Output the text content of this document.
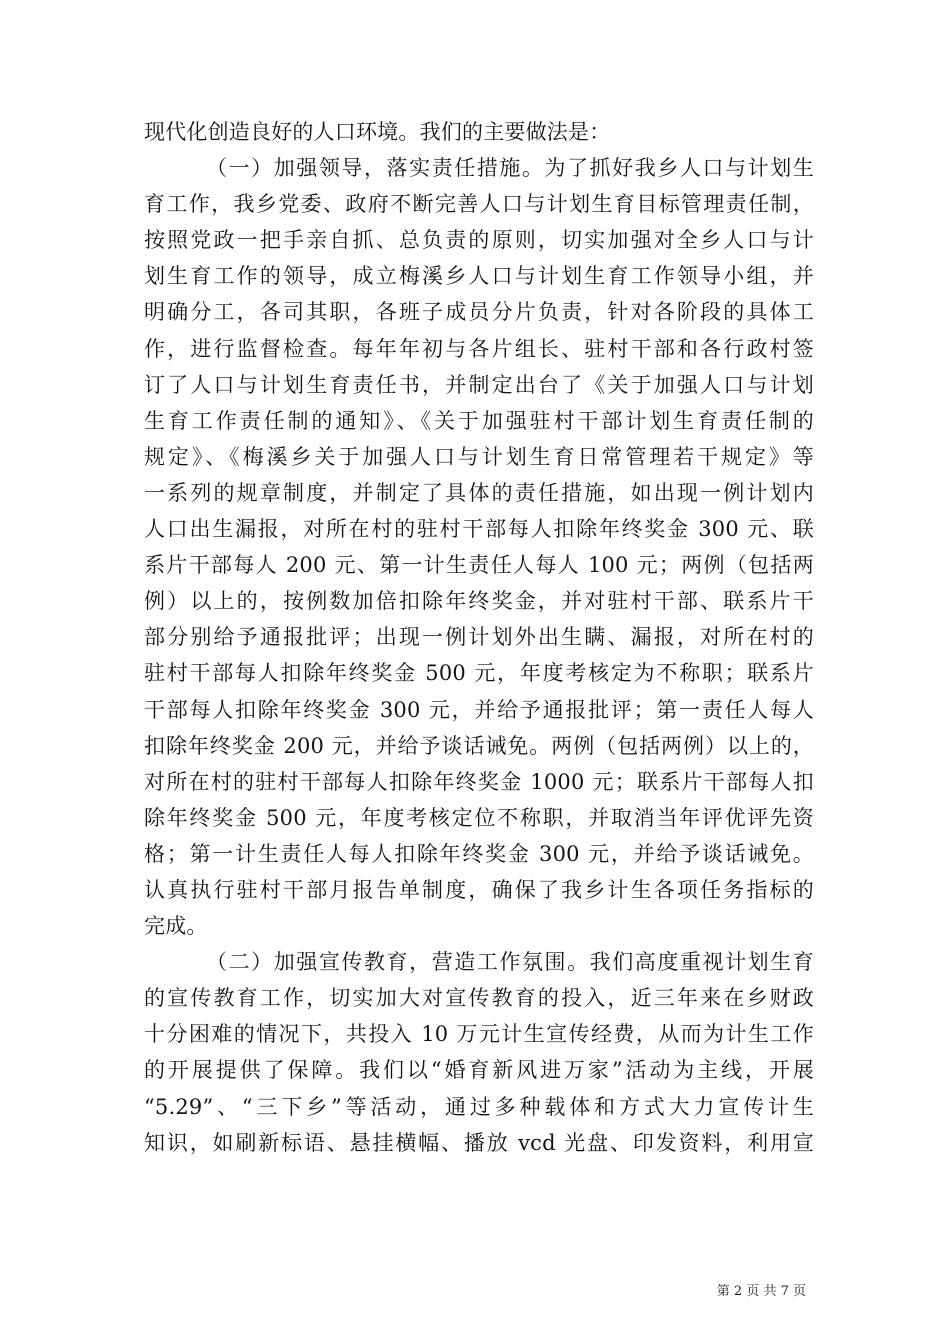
现代化创造良好的人口环境。我们的主要做法是：
（一）加强领导，落实责任措施。为了抓好我乡人口与计划生
育工作，我乡党委、政府不断完善人口与计划生育目标管理责任制，
按照党政一把手亲自抓、总负责的原则，切实加强对全乡人口与计
划生育工作的领导，成立梅溪乡人口与计划生育工作领导小组，并
明确分工，各司其职，各班子成员分片负责，针对各阶段的具体工
作，进行监督检查。每年年初与各片组长、驻村干部和各行政村签
订了人口与计划生育责任书，并制定出台了《关于加强人口与计划
生育工作责任制的通知》、《关于加强驻村干部计划生育责任制的
规定》、《梅溪乡关于加强人口与计划生育日常管理若干规定》等
一系列的规章制度，并制定了具体的责任措施，如出现一例计划内
人口出生漏报，对所在村的驻村干部每人扣除年终奖金 300 元、联
系片干部每人 200 元、第一计生责任人每人 100 元；两例（包括两
例）以上的，按例数加倍扣除年终奖金，并对驻村干部、联系片干
部分别给予通报批评；出现一例计划外出生瞒、漏报，对所在村的
驻村干部每人扣除年终奖金 500 元，年度考核定为不称职；联系片
干部每人扣除年终奖金 300 元，并给予通报批评；第一责任人每人
扣除年终奖金 200 元，并给予谈话诫免。两例（包括两例）以上的，
对所在村的驻村干部每人扣除年终奖金 1000 元；联系片干部每人扣
除年终奖金 500 元，年度考核定位不称职，并取消当年评优评先资
格；第一计生责任人每人扣除年终奖金 300 元，并给予谈话诫免。
认真执行驻村干部月报告单制度，确保了我乡计生各项任务指标的
完成。
（二）加强宣传教育，营造工作氛围。我们高度重视计划生育
的宣传教育工作，切实加大对宣传教育的投入，近三年来在乡财政
十分困难的情况下，共投入 10 万元计生宣传经费，从而为计生工作
的开展提供了保障。我们以“婚育新风进万家”活动为主线，开展
“5.29”、“三下乡”等活动，通过多种载体和方式大力宣传计生
知识，如刷新标语、悬挂横幅、播放 vcd 光盘、印发资料，利用宣
第 2 页 共 7 页
